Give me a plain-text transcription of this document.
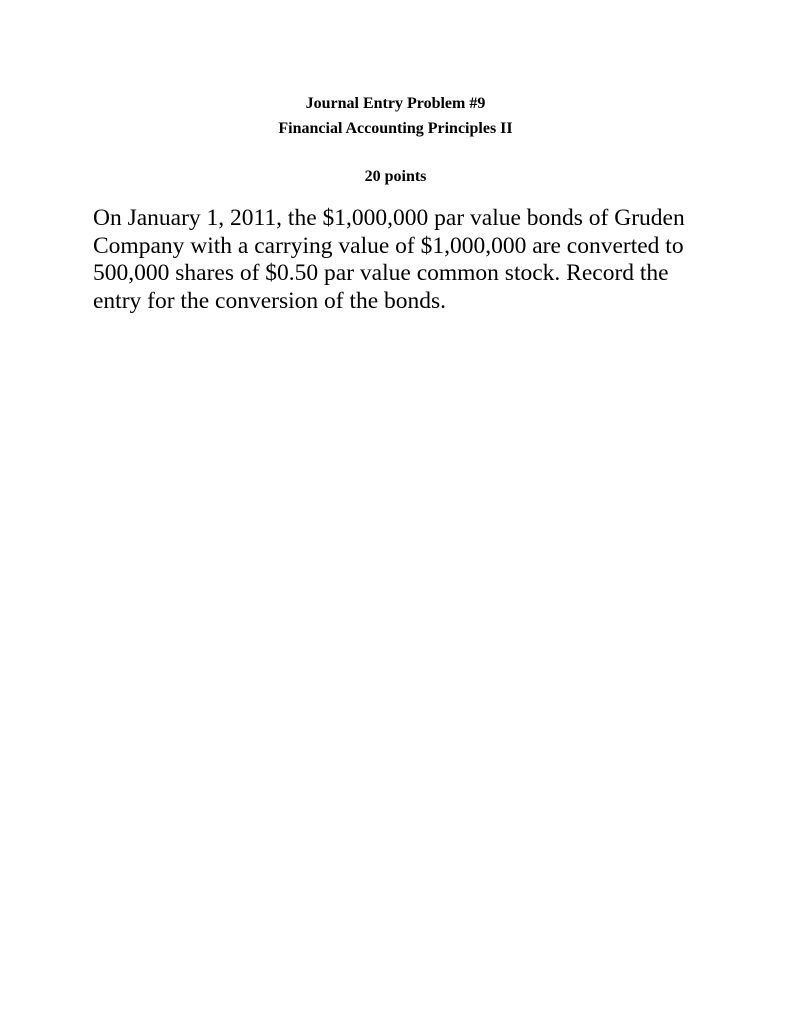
Journal Entry Problem #9
Financial Accounting Principles II
20 points
On January 1, 2011, the $1,000,000 par value bonds of Gruden Company with a carrying value of $1,000,000 are converted to 500,000 shares of $0.50 par value common stock. Record the entry for the conversion of the bonds.
